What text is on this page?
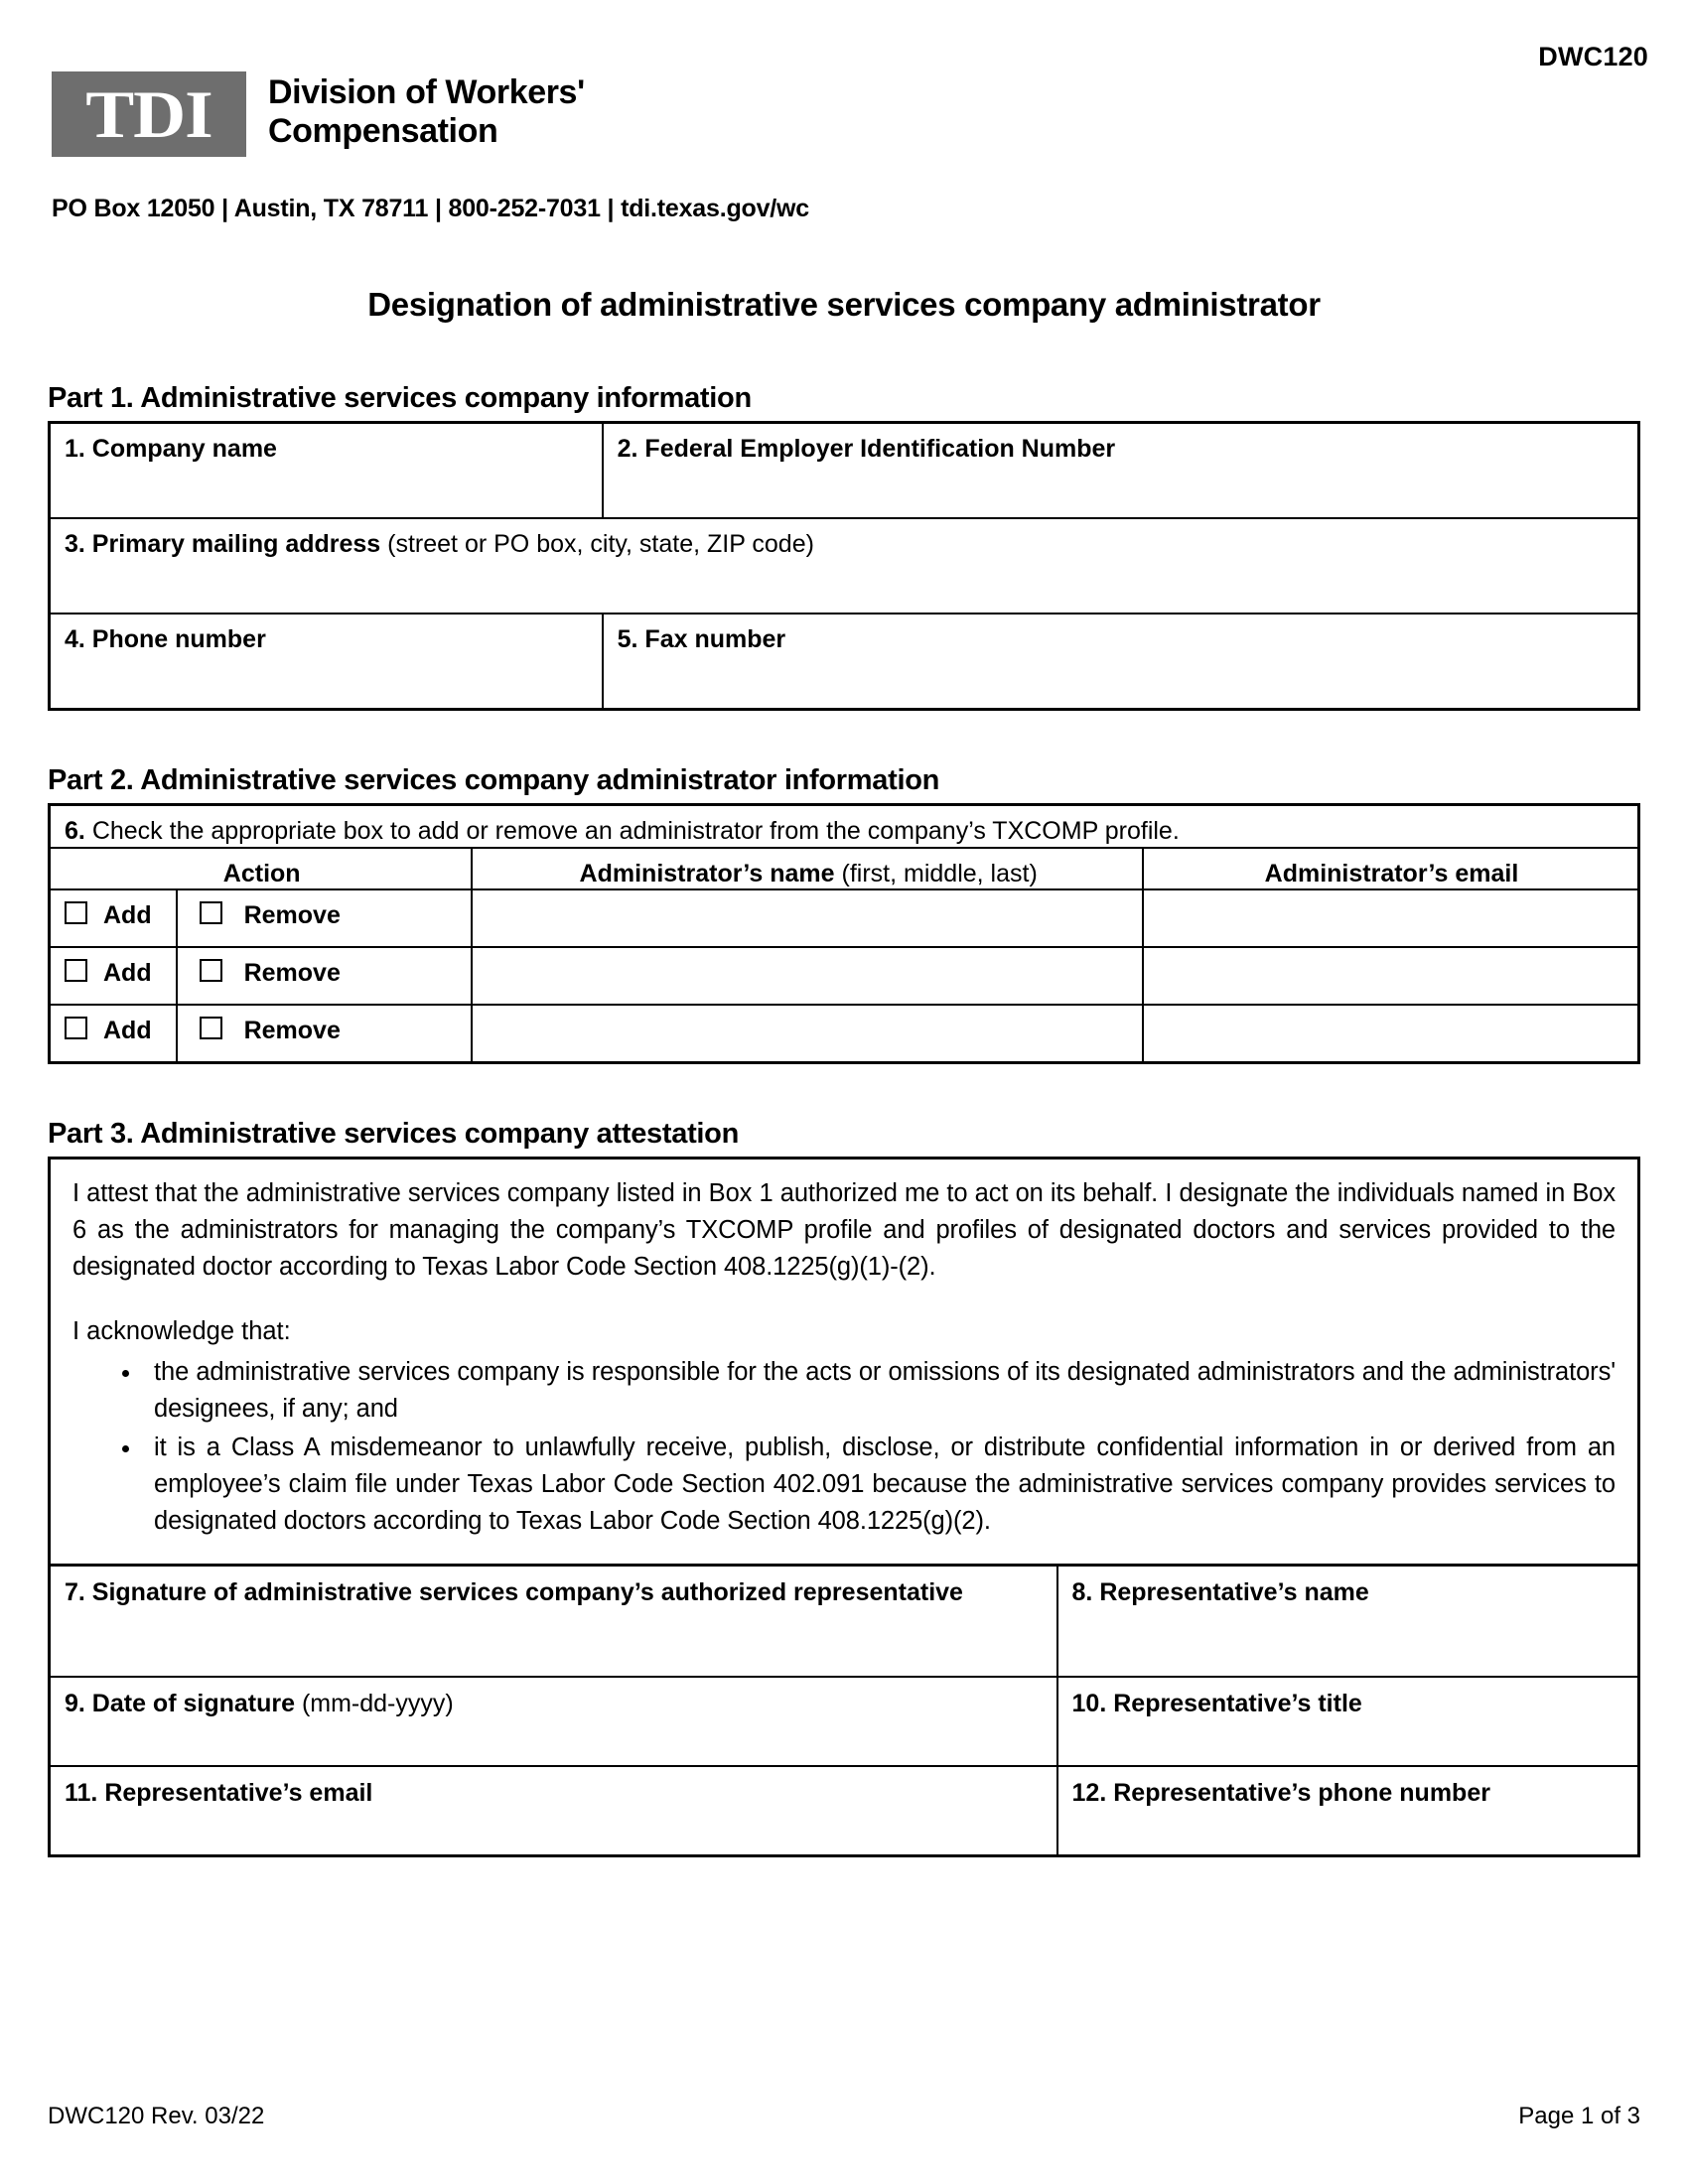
DWC120
TDI Division of Workers'
Compensation
PO Box 12050 | Austin, TX 78711 | 800-252-7031 | tdi.texas.gov/wc
Designation of administrative services company administrator
Part 1. Administrative services company information
1. Company name	2. Federal Employer Identification Number
3. Primary mailing address (street or PO box, city, state, ZIP code)	
4. Phone number	5. Fax number
Part 2. Administrative services company administrator information
6. Check the appropriate box to add or remove an administrator from the company’s TXCOMP profile.			
Action		Administrator’s name (first, middle, last)	Administrator’s email
Add	Remove		
Add	Remove		
Add	Remove		
Part 3. Administrative services company attestation

I attest that the administrative services company listed in Box 1 authorized me to act on its behalf. I designate the individuals named in Box 6 as the administrators for managing the company’s TXCOMP profile and profiles of designated doctors and services provided to the designated doctor according to Texas Labor Code Section 408.1225(g)(1)-(2).

I acknowledge that:

• the administrative services company is responsible for the acts or omissions of its designated administrators and the administrators' designees, if any; and
• it is a Class A misdemeanor to unlawfully receive, publish, disclose, or distribute confidential information in or derived from an employee’s claim file under Texas Labor Code Section 402.091 because the administrative services company provides services to designated doctors according to Texas Labor Code Section 408.1225(g)(2).
7. Signature of administrative services company’s authorized representative	8. Representative’s name
9. Date of signature (mm-dd-yyyy)	10. Representative’s title
11. Representative’s email	12. Representative’s phone number
DWC120 Rev. 03/22	Page 1 of 3
